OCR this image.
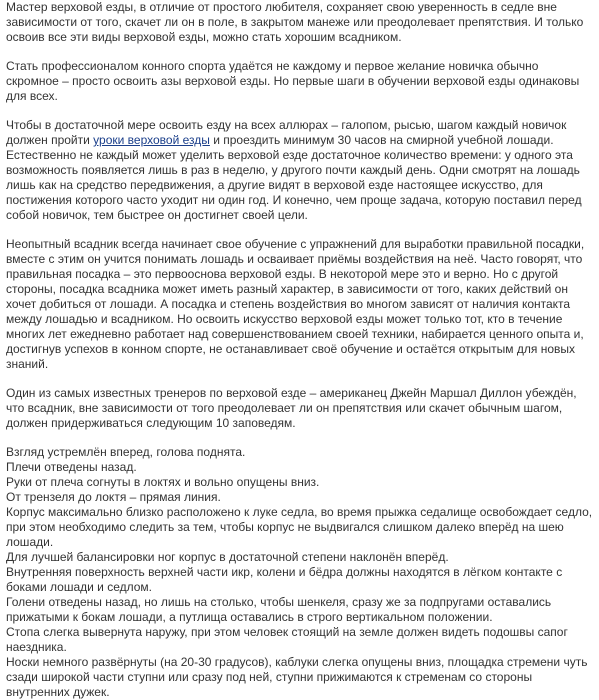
Мастер верховой езды, в отличие от простого любителя, сохраняет свою уверенность в седле вне зависимости от того, скачет ли он в поле, в закрытом манеже или преодолевает препятствия. И только освоив все эти виды верховой езды, можно стать хорошим всадником.

Стать профессионалом конного спорта удаётся не каждому и первое желание новичка обычно скромное – просто освоить азы верховой езды. Но первые шаги в обучении верховой езды одинаковы для всех.

Чтобы в достаточной мере освоить езду на всех аллюрах – галопом, рысью, шагом каждый новичок должен пройти уроки верховой езды и проездить минимум 30 часов на смирной учебной лошади. Естественно не каждый может уделить верховой езде достаточное количество времени: у одного эта возможность появляется лишь в раз в неделю, у другого почти каждый день. Одни смотрят на лошадь лишь как на средство передвижения, а другие видят в верховой езде настоящее искусство, для постижения которого часто уходит ни один год. И конечно, чем проще задача, которую поставил перед собой новичок, тем быстрее он достигнет своей цели.

Неопытный всадник всегда начинает свое обучение с упражнений для выработки правильной посадки, вместе с этим он учится понимать лошадь и осваивает приёмы воздействия на неё. Часто говорят, что правильная посадка – это первооснова верховой езды. В некоторой мере это и верно. Но с другой стороны, посадка всадника может иметь разный характер, в зависимости от того, каких действий он хочет добиться от лошади. А посадка и степень воздействия во многом зависят от наличия контакта между лошадью и всадником. Но освоить искусство верховой езды может только тот, кто в течение многих лет ежедневно работает над совершенствованием своей техники, набирается ценного опыта и, достигнув успехов в конном спорте, не останавливает своё обучение и остаётся открытым для новых знаний.

Один из самых известных тренеров по верховой езде – американец Джейн Маршал Диллон убеждён, что всадник, вне зависимости от того преодолевает ли он препятствия или скачет обычным шагом, должен придерживаться следующим 10 заповедям.

Взгляд устремлён вперед, голова поднята.
Плечи отведены назад.
Руки от плеча согнуты в локтях и вольно опущены вниз.
От трензеля до локтя – прямая линия.
Корпус максимально близко расположено к луке седла, во время прыжка седалище освобождает седло, при этом необходимо следить за тем, чтобы корпус не выдвигался слишком далеко вперёд на шею лошади.
Для лучшей балансировки ног корпус в достаточной степени наклонён вперёд.
Внутренняя поверхность верхней части икр, колени и бёдра должны находятся в лёгком контакте с боками лошади и седлом.
Голени отведены назад, но лишь на столько, чтобы шенкеля, сразу же за подпругами оставались прижатыми к бокам лошади, а путлища оставались в строго вертикальном положении.
Стопа слегка вывернута наружу, при этом человек стоящий на земле должен видеть подошвы сапог наездника.
Носки немного развёрнуты (на 20-30 градусов), каблуки слегка опущены вниз, площадка стремени чуть сзади широкой части ступни или сразу под ней, ступни прижимаются к стременам со стороны внутренних дужек.
